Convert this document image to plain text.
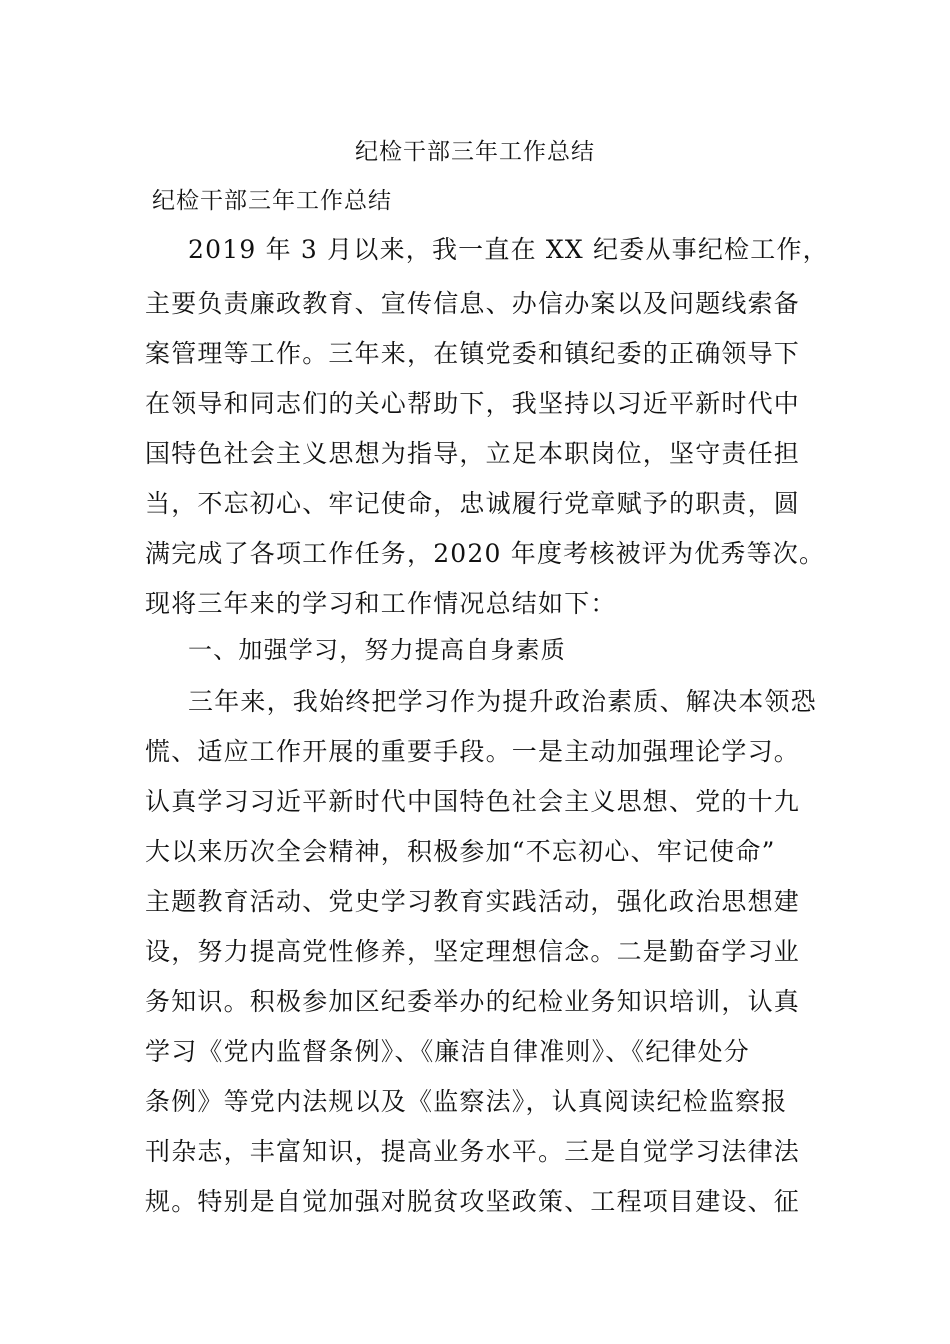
纪检干部三年工作总结
纪检干部三年工作总结
2019 年 3 月以来，我一直在 XX 纪委从事纪检工作，
主要负责廉政教育、宣传信息、办信办案以及问题线索备
案管理等工作。三年来，在镇党委和镇纪委的正确领导下
在领导和同志们的关心帮助下，我坚持以习近平新时代中
国特色社会主义思想为指导，立足本职岗位，坚守责任担
当，不忘初心、牢记使命，忠诚履行党章赋予的职责，圆
满完成了各项工作任务，2020 年度考核被评为优秀等次。
现将三年来的学习和工作情况总结如下：
一、加强学习，努力提高自身素质
三年来，我始终把学习作为提升政治素质、解决本领恐
慌、适应工作开展的重要手段。一是主动加强理论学习。
认真学习习近平新时代中国特色社会主义思想、党的十九
大以来历次全会精神，积极参加“不忘初心、牢记使命”
主题教育活动、党史学习教育实践活动，强化政治思想建
设，努力提高党性修养，坚定理想信念。二是勤奋学习业
务知识。积极参加区纪委举办的纪检业务知识培训，认真
学习《党内监督条例》、《廉洁自律准则》、《纪律处分
条例》等党内法规以及《监察法》，认真阅读纪检监察报
刊杂志，丰富知识，提高业务水平。三是自觉学习法律法
规。特别是自觉加强对脱贫攻坚政策、工程项目建设、征
